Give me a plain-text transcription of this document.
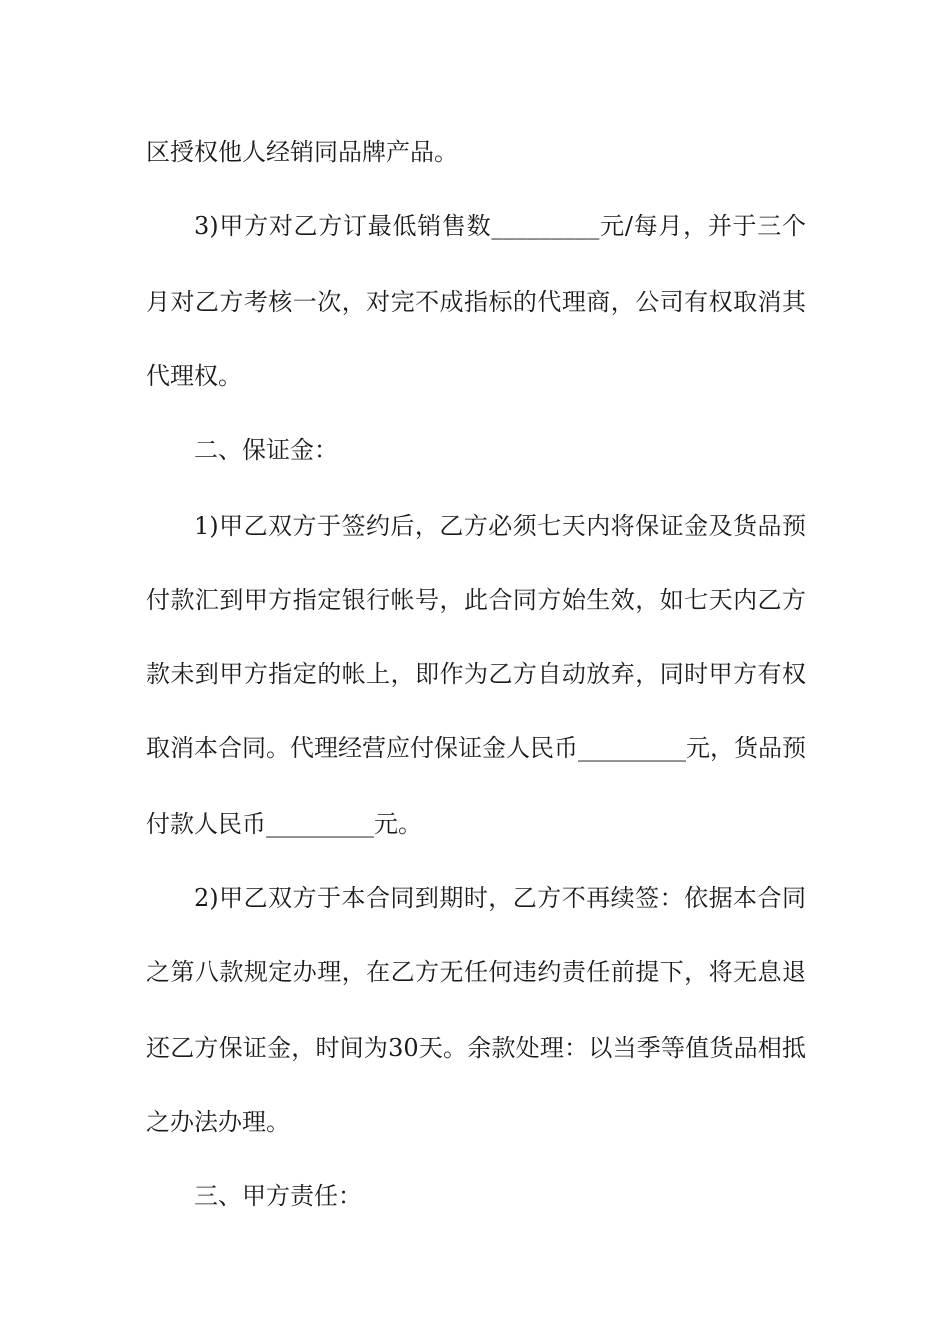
区授权他人经销同品牌产品。
3)甲方对乙方订最低销售数_________元/每月，并于三个
月对乙方考核一次，对完不成指标的代理商，公司有权取消其
代理权。
二、保证金：
1)甲乙双方于签约后，乙方必须七天内将保证金及货品预
付款汇到甲方指定银行帐号，此合同方始生效，如七天内乙方
款未到甲方指定的帐上，即作为乙方自动放弃，同时甲方有权
取消本合同。代理经营应付保证金人民币_________元，货品预
付款人民币_________元。
2)甲乙双方于本合同到期时，乙方不再续签：依据本合同
之第八款规定办理，在乙方无任何违约责任前提下，将无息退
还乙方保证金，时间为30天。余款处理：以当季等值货品相抵
之办法办理。
三、甲方责任：
